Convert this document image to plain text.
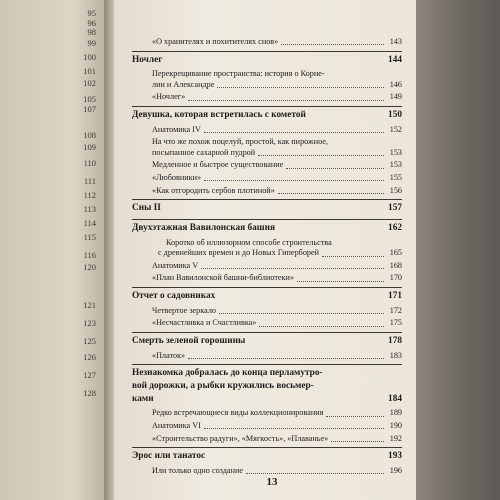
95
96
98
99
100
101
102
105
107
108
109
110
111
112
113
114
115
116
120
121
123
125
126
127
128
«О хранителях и похитителях снов»	143
Ночлег	144
Перекрещивание пространства: история о Корне-
лии и Александре	146
«Ночлег»	149
Девушка, которая встретилась с кометой	150
Анатомика IV	152
На что же похож поцелуй, простой, как пирожное,
посыпанное сахарной пудрой	153
Медленное и быстрое существование	153
«Любовники»	155
«Как отгородить сербов плотиной»	156
Сны II	157
Двухэтажная Вавилонская башня	162
Коротко об иллюзорном способе строительства
с древнейших времен и до Новых Гиперборей	165
Анатомика V	168
«План Вавилонской башни-библиотеки»	170
Отчет о садовниках	171
Четвертое зеркало	172
«Несчастливка и Счастливка»	175
Смерть зеленой горошины	178
«Платок»	183
Незнакомка добралась до конца перламутро-
вой дорожки, а рыбки кружились восьмер-
ками	184
Редко встречающиеся виды коллекционирования	189
Анатомика VI	190
«Строительство радуги», «Мягкость», «Плаванье»	192
Эрос или танатос	193
Или только одно создание	196
13
